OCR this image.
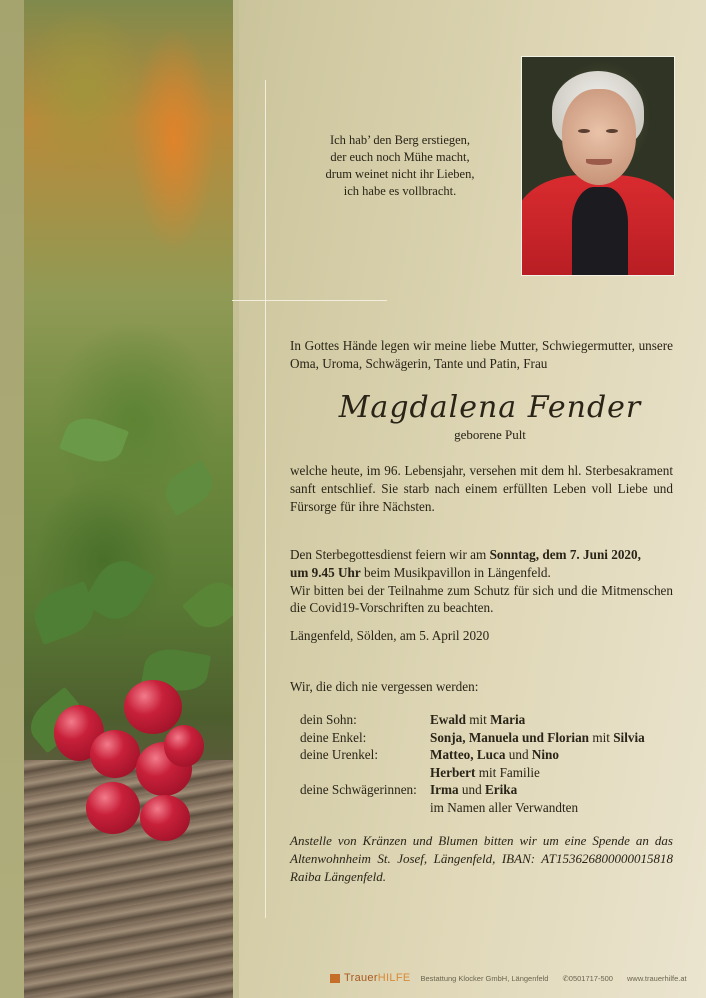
Ich hab’ den Berg erstiegen,
der euch noch Mühe macht,
drum weinet nicht ihr Lieben,
ich habe es vollbracht.
In Gottes Hände legen wir meine liebe Mutter, Schwiegermutter, unsere Oma, Uroma, Schwägerin, Tante und Patin, Frau
Magdalena Fender
geborene Pult
welche heute, im 96. Lebensjahr, versehen mit dem hl. Sterbesakrament sanft entschlief. Sie starb nach einem erfüllten Leben voll Liebe und Fürsorge für ihre Nächsten.
Den Sterbegottesdienst feiern wir am Sonntag, dem 7. Juni 2020,
um 9.45 Uhr beim Musikpavillon in Längenfeld.
Wir bitten bei der Teilnahme zum Schutz für sich und die Mitmenschen die Covid19-Vorschriften zu beachten.
Längenfeld, Sölden, am 5. April 2020
Wir, die dich nie vergessen werden:
dein Sohn:	Ewald mit Maria
deine Enkel:	Sonja, Manuela und Florian mit Silvia
deine Urenkel:	Matteo, Luca und Nino
Herbert mit Familie
deine Schwägerinnen: Irma und Erika
im Namen aller Verwandten
Anstelle von Kränzen und Blumen bitten wir um eine Spende an das Altenwohnheim St. Josef, Längenfeld, IBAN: AT153626800000015818 Raiba Längenfeld.
TrauerHILFE Bestattung Klocker GmbH, Längenfeld ✆0501717-500 www.trauerhilfe.at
